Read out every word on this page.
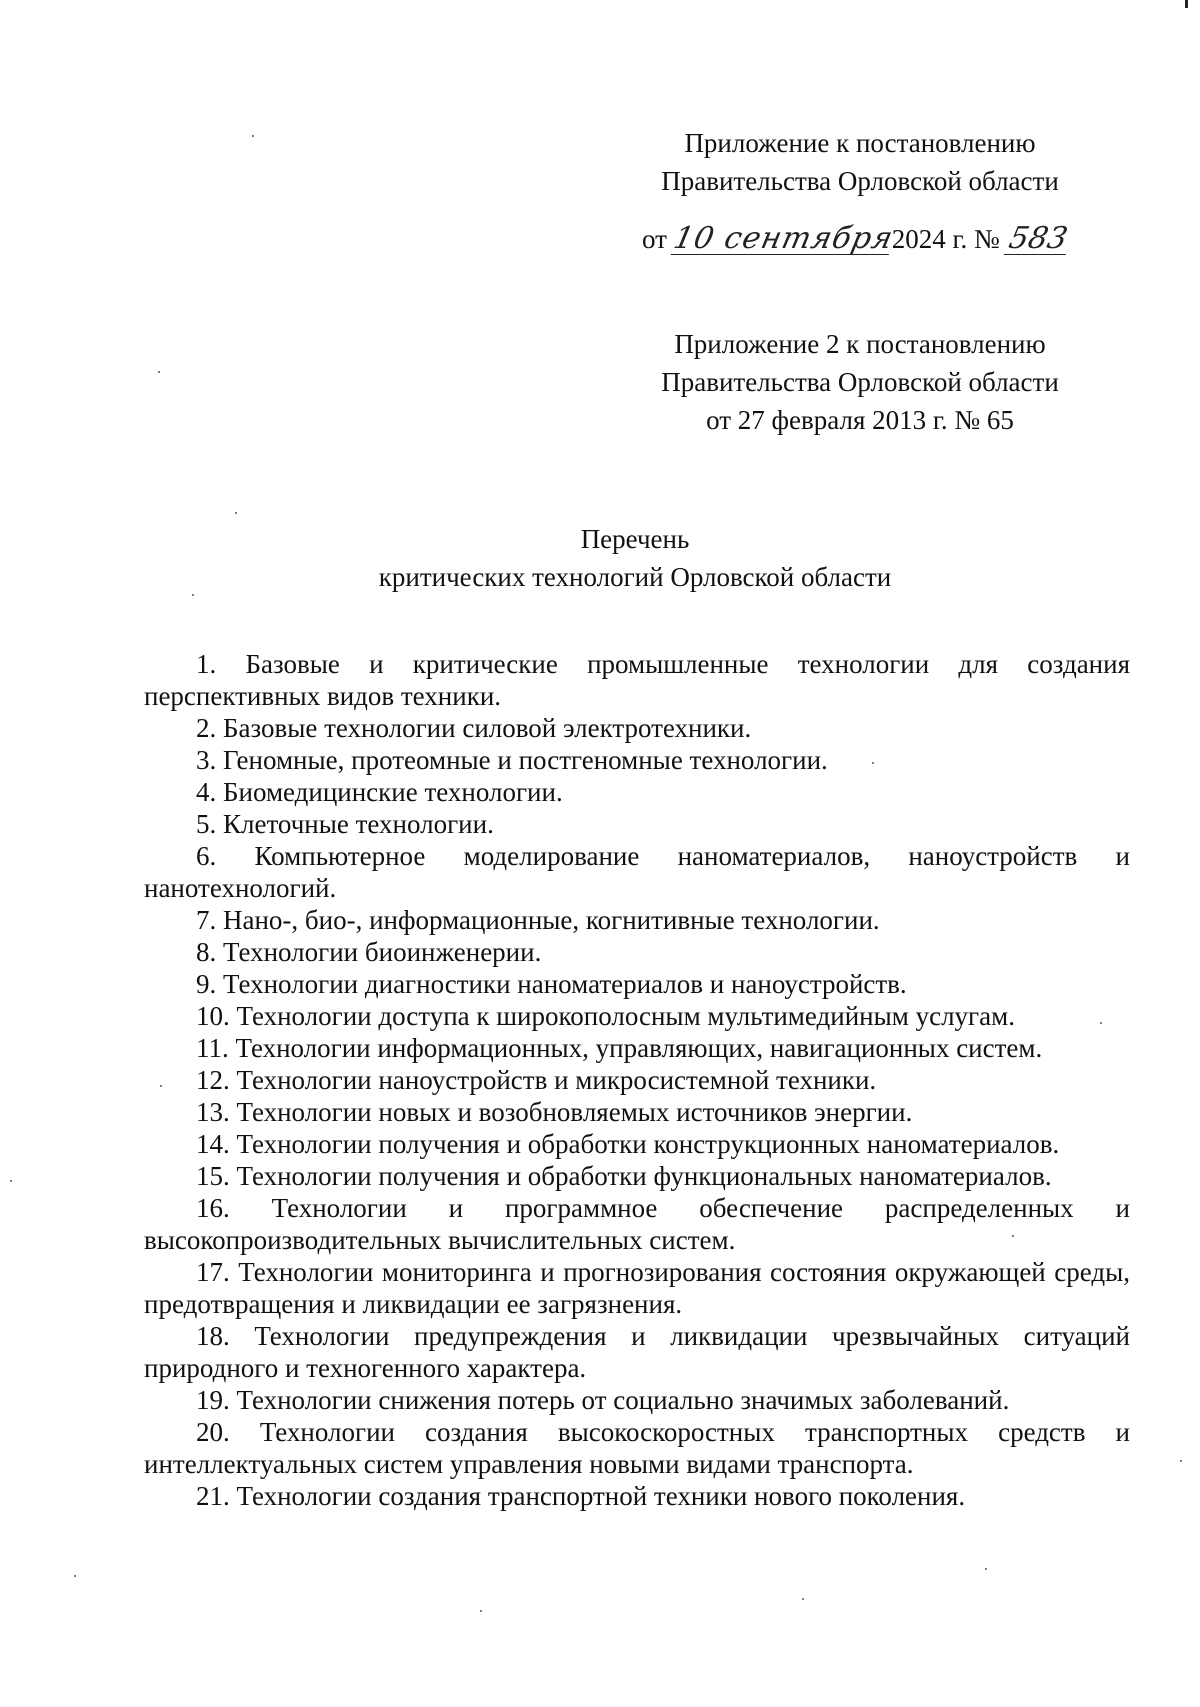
Приложение к постановлению
Правительства Орловской области
от 10 сентября2024 г. № 583
Приложение 2 к постановлению
Правительства Орловской области
от 27 февраля 2013 г. № 65
Перечень
критических технологий Орловской области

1. Базовые и критические промышленные технологии для создания перспективных видов техники.

2. Базовые технологии силовой электротехники.

3. Геномные, протеомные и постгеномные технологии.

4. Биомедицинские технологии.

5. Клеточные технологии.

6. Компьютерное моделирование наноматериалов, наноустройств и нанотехнологий.

7. Нано-, био-, информационные, когнитивные технологии.

8. Технологии биоинженерии.

9. Технологии диагностики наноматериалов и наноустройств.

10. Технологии доступа к широкополосным мультимедийным услугам.

11. Технологии информационных, управляющих, навигационных систем.

12. Технологии наноустройств и микросистемной техники.

13. Технологии новых и возобновляемых источников энергии.

14. Технологии получения и обработки конструкционных наноматериалов.

15. Технологии получения и обработки функциональных наноматериалов.

16. Технологии и программное обеспечение распределенных и высокопроизводительных вычислительных систем.

17. Технологии мониторинга и прогнозирования состояния окружающей среды, предотвращения и ликвидации ее загрязнения.

18. Технологии предупреждения и ликвидации чрезвычайных ситуаций природного и техногенного характера.

19. Технологии снижения потерь от социально значимых заболеваний.

20. Технологии создания высокоскоростных транспортных средств и интеллектуальных систем управления новыми видами транспорта.

21. Технологии создания транспортной техники нового поколения.
